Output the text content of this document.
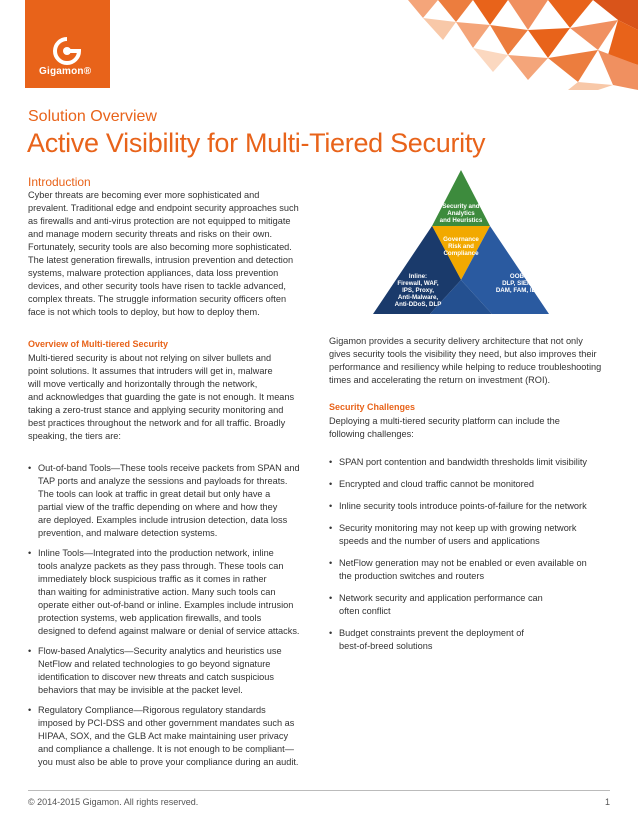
Gigamon®
Solution Overview
Active Visibility for Multi-Tiered Security
Introduction
Cyber threats are becoming ever more sophisticated and
prevalent. Traditional edge and endpoint security approaches such
as firewalls and anti-virus protection are not equipped to mitigate
and manage modern security threats and risks on their own.
Fortunately, security tools are also becoming more sophisticated.
The latest generation firewalls, intrusion prevention and detection
systems, malware protection appliances, data loss prevention
devices, and other security tools have risen to tackle advanced,
complex threats. The struggle information security officers often
face is not which tools to deploy, but how to deploy them.
Security and
Analytics
and Heuristics
Governance
Risk and
Compliance
Inline:
Firewall, WAF,
IPS, Proxy,
Anti-Malware,
Anti-DDoS, DLP
OOB:
DLP, SIEM,
DAM, FAM, IDS
Overview of Multi-tiered Security
Multi-tiered security is about not relying on silver bullets and
point solutions. It assumes that intruders will get in, malware
will move vertically and horizontally through the network,
and acknowledges that guarding the gate is not enough. It means
taking a zero-trust stance and applying security monitoring and
best practices throughout the network and for all traffic. Broadly
speaking, the tiers are:
• Out-of-band Tools—These tools receive packets from SPAN and
TAP ports and analyze the sessions and payloads for threats.
The tools can look at traffic in great detail but only have a
partial view of the traffic depending on where and how they
are deployed. Examples include intrusion detection, data loss
prevention, and malware detection systems.
• Inline Tools—Integrated into the production network, inline
tools analyze packets as they pass through. These tools can
immediately block suspicious traffic as it comes in rather
than waiting for administrative action. Many such tools can
operate either out-of-band or inline. Examples include intrusion
protection systems, web application firewalls, and tools
designed to defend against malware or denial of service attacks.
• Flow-based Analytics—Security analytics and heuristics use
NetFlow and related technologies to go beyond signature
identification to discover new threats and catch suspicious
behaviors that may be invisible at the packet level.
• Regulatory Compliance—Rigorous regulatory standards
imposed by PCI-DSS and other government mandates such as
HIPAA, SOX, and the GLB Act make maintaining user privacy
and compliance a challenge. It is not enough to be compliant—
you must also be able to prove your compliance during an audit.
Gigamon provides a security delivery architecture that not only
gives security tools the visibility they need, but also improves their
performance and resiliency while helping to reduce troubleshooting
times and accelerating the return on investment (ROI).
Security Challenges
Deploying a multi-tiered security platform can include the
following challenges:
• SPAN port contention and bandwidth thresholds limit visibility
• Encrypted and cloud traffic cannot be monitored
• Inline security tools introduce points-of-failure for the network
• Security monitoring may not keep up with growing network
speeds and the number of users and applications
• NetFlow generation may not be enabled or even available on
the production switches and routers
• Network security and application performance can
often conflict
• Budget constraints prevent the deployment of
best-of-breed solutions
© 2014-2015 Gigamon. All rights reserved.	1
